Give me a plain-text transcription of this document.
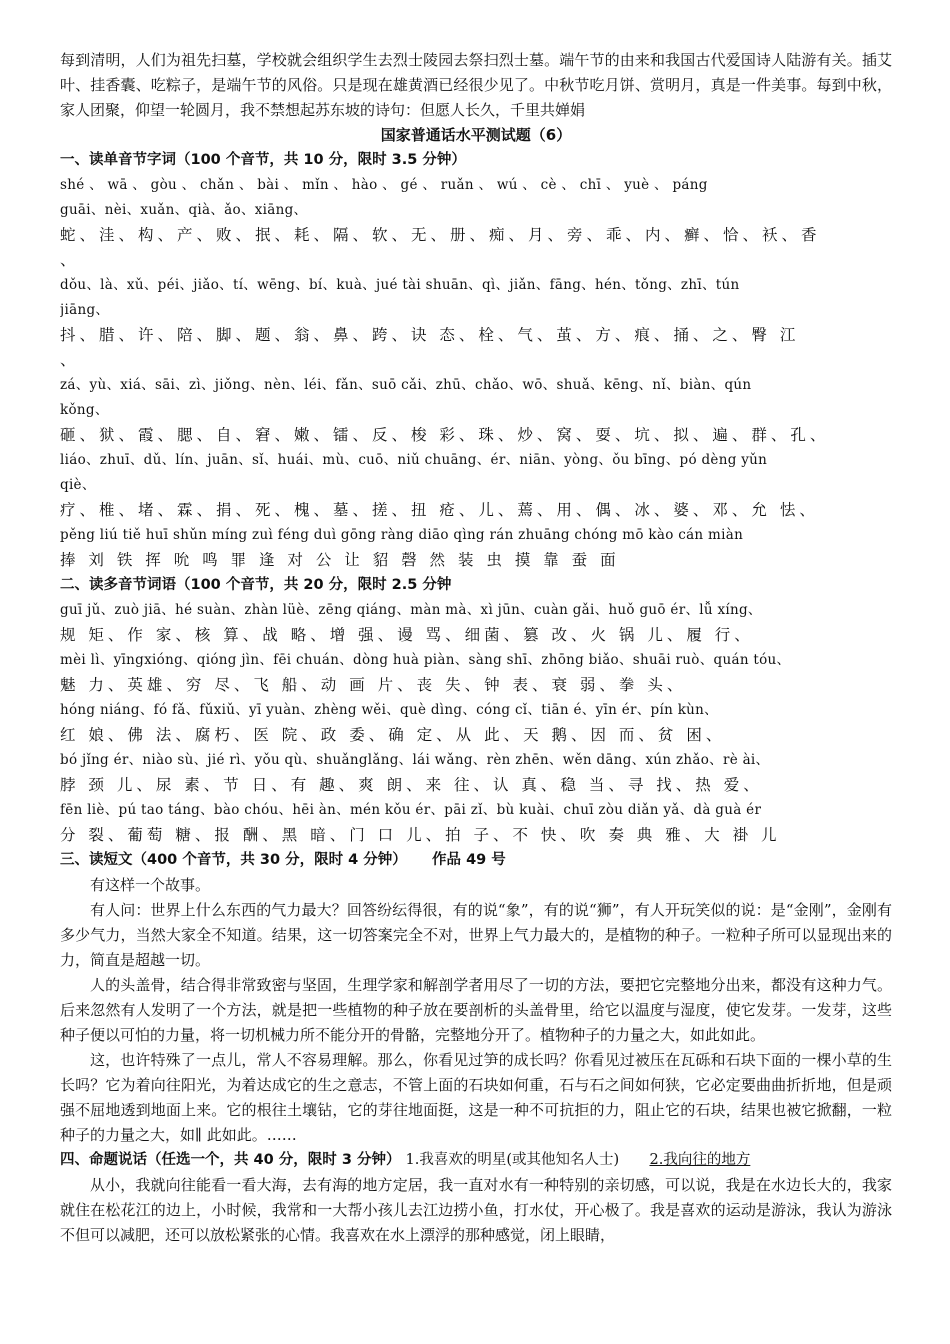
每到清明，人们为祖先扫墓，学校就会组织学生去烈士陵园去祭扫烈士墓。端午节的由来和我国古代爱国诗人陆游有关。插艾叶、挂香囊、吃粽子，是端午节的风俗。只是现在雄黄酒已经很少见了。中秋节吃月饼、赏明月，真是一件美事。每到中秋，家人团聚，仰望一轮圆月，我不禁想起苏东坡的诗句：但愿人长久，千里共婵娟

国家普通话水平测试题（6）
一、读单音节字词（100 个音节，共 10 分，限时 3.5 分钟）
shé 、 wā 、 gòu 、 chǎn 、 bài 、 mǐn 、 hào 、 gé 、 ruǎn 、 wú 、 cè 、 chī 、 yuè 、 páng
guāi、nèi、xuǎn、qià、ǎo、xiāng、
蛇、洼、构、产、败、抿、耗、隔、软、无、册、痴、月、旁、乖、内、癣、恰、袄、香
、
dǒu、là、xǔ、péi、jiǎo、tí、wēng、bí、kuà、jué tài shuān、qì、jiǎn、fāng、hén、tǒng、zhī、tún
jiāng、
抖、腊、许、陪、脚、题、翁、鼻、跨、诀 态、栓、气、茧、方、痕、捅、之、臀 江
、
zá、yù、xiá、sāi、zì、jiǒng、nèn、léi、fǎn、suō cǎi、zhū、chǎo、wō、shuǎ、kēng、nǐ、biàn、qún
kǒng、
砸、狱、霞、腮、自、窘、嫩、镭、反、梭 彩、珠、炒、窝、耍、坑、拟、遍、群、孔、
liáo、zhuī、dǔ、lín、juān、sǐ、huái、mù、cuō、niǔ chuāng、ér、niān、yòng、ǒu bīng、pó dèng yǔn
qiè、
疗、椎、堵、霖、捐、死、槐、墓、搓、扭 疮、儿、蔫、用、偶、冰、婆、邓、允 怯、
pěng liú tiě huī shǔn míng zuì féng duì gōng ràng diāo qìng rán zhuāng chóng mō kào cán miàn
捧 刘 铁 挥 吮 鸣 罪 逢 对 公 让 貂 磬 然 装 虫 摸 靠 蚕 面
二、读多音节词语（100 个音节，共 20 分，限时 2.5 分钟
guī jǔ、zuò jiā、hé suàn、zhàn lüè、zēng qiáng、màn mà、xì jūn、cuàn gǎi、huǒ guō ér、lǚ xíng、
规 矩、作 家、核 算、战 略、增 强、谩 骂、细菌、篡 改、火 锅 儿、履 行、
mèi lì、yīngxióng、qióng jìn、fēi chuán、dòng huà piàn、sàng shī、zhōng biǎo、shuāi ruò、quán tóu、
魅 力、英雄、穷 尽、飞 船、动 画 片、丧 失、钟 表、衰 弱、拳 头、
hóng niáng、fó fǎ、fǔxiǔ、yī yuàn、zhèng wěi、què dìng、cóng cǐ、tiān é、yīn ér、pín kùn、
红 娘、佛 法、腐朽、医 院、政 委、确 定、从 此、天 鹅、因 而、贫 困、
bó jǐng ér、niào sù、jié rì、yǒu qù、shuǎnglǎng、lái wǎng、rèn zhēn、wěn dāng、xún zhǎo、rè ài、
脖 颈 儿、尿 素、节 日、有 趣、爽 朗、来 往、认 真、稳 当、寻 找、热 爱、
fēn liè、pú tao táng、bào chóu、hēi àn、mén kǒu ér、pāi zǐ、bù kuài、chuī zòu diǎn yǎ、dà guà ér
分 裂、葡萄 糖、报 酬、黑 暗、门 口 儿、拍 子、不 快、吹 奏 典 雅、大 褂 儿
三、读短文（400 个音节，共 30 分，限时 4 分钟） 作品 49 号

有这样一个故事。

有人问：世界上什么东西的气力最大？回答纷纭得很，有的说“象”，有的说“狮”，有人开玩笑似的说：是“金刚”，金刚有多少气力，当然大家全不知道。结果，这一切答案完全不对，世界上气力最大的，是植物的种子。一粒种子所可以显现出来的力，简直是超越一切。

人的头盖骨，结合得非常致密与坚固，生理学家和解剖学者用尽了一切的方法，要把它完整地分出来，都没有这种力气。后来忽然有人发明了一个方法，就是把一些植物的种子放在要剖析的头盖骨里，给它以温度与湿度，使它发芽。一发芽，这些种子便以可怕的力量，将一切机械力所不能分开的骨骼，完整地分开了。植物种子的力量之大，如此如此。

这，也许特殊了一点儿，常人不容易理解。那么，你看见过笋的成长吗？你看见过被压在瓦砾和石块下面的一棵小草的生长吗？它为着向往阳光，为着达成它的生之意志，不管上面的石块如何重，石与石之间如何狭，它必定要曲曲折折地，但是顽强不屈地透到地面上来。它的根往土壤钻，它的芽往地面挺，这是一种不可抗拒的力，阻止它的石块，结果也被它掀翻，一粒种子的力量之大，如∥ 此如此。……

四、命题说话（任选一个，共 40 分，限时 3 分钟） 1.我喜欢的明星(或其他知名人士) 2.我向往的地方

从小，我就向往能看一看大海，去有海的地方定居，我一直对水有一种特别的亲切感，可以说，我是在水边长大的，我家就住在松花江的边上，小时候，我常和一大帮小孩儿去江边捞小鱼，打水仗，开心极了。我是喜欢的运动是游泳，我认为游泳不但可以减肥，还可以放松紧张的心情。我喜欢在水上漂浮的那种感觉，闭上眼睛，
